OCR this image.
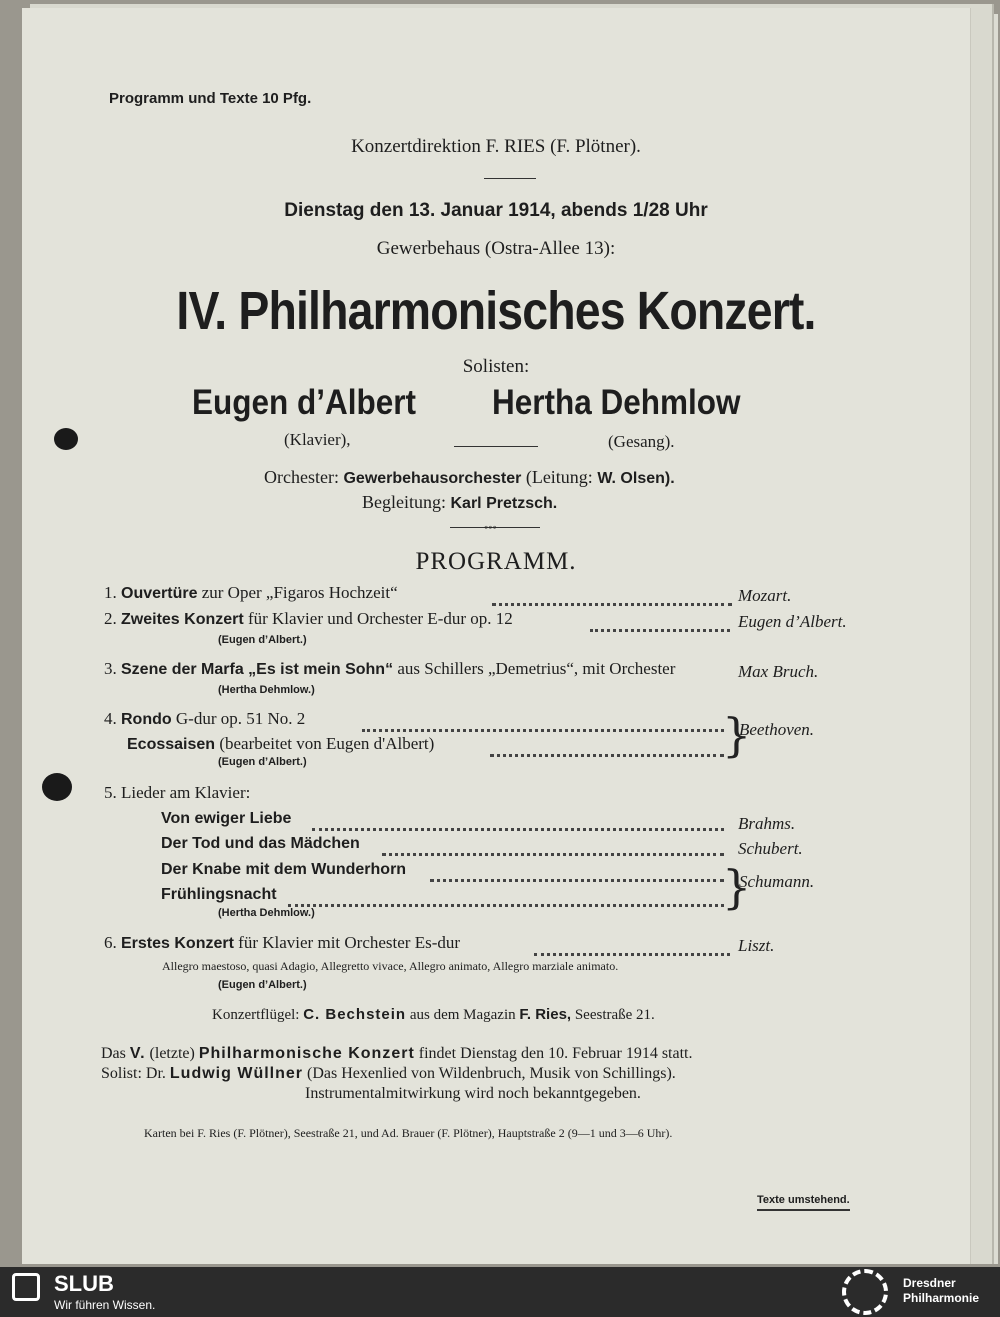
Programm und Texte 10 Pfg.
Konzertdirektion F. RIES (F. Plötner).
Dienstag den 13. Januar 1914, abends 1/28 Uhr
Gewerbehaus (Ostra-Allee 13):
IV. Philharmonisches Konzert.
Solisten:
Eugen d’Albert Hertha Dehmlow
(Klavier),	(Gesang).
Orchester: Gewerbehausorchester (Leitung: W. Olsen).
Begleitung: Karl Pretzsch.
◦◦◦
PROGRAMM.
1. Ouvertüre zur Oper „Figaros Hochzeit“	Mozart.
2. Zweites Konzert für Klavier und Orchester E-dur op. 12	Eugen d’Albert.
(Eugen d’Albert.)
3. Szene der Marfa „Es ist mein Sohn“ aus Schillers „Demetrius“, mit Orchester	Max Bruch.
(Hertha Dehmlow.)
4. Rondo G-dur op. 51 No. 2
Ecossaisen (bearbeitet von Eugen d'Albert)	}
Beethoven.
(Eugen d’Albert.)
5. Lieder am Klavier:
Von ewiger Liebe	Brahms.
Der Tod und das Mädchen	Schubert.
Der Knabe mit dem Wunderhorn
Frühlingsnacht	}
Schumann.
(Hertha Dehmlow.)
6. Erstes Konzert für Klavier mit Orchester Es-dur	Liszt.
Allegro maestoso, quasi Adagio, Allegretto vivace, Allegro animato, Allegro marziale animato.
(Eugen d’Albert.)
Konzertflügel: C. Bechstein aus dem Magazin F. Ries, Seestraße 21.
Das V. (letzte) Philharmonische Konzert findet Dienstag den 10. Februar 1914 statt.
Solist: Dr. Ludwig Wüllner (Das Hexenlied von Wildenbruch, Musik von Schillings).
Instrumentalmitwirkung wird noch bekanntgegeben.
Karten bei F. Ries (F. Plötner), Seestraße 21, und Ad. Brauer (F. Plötner), Hauptstraße 2 (9—1 und 3—6 Uhr).
Texte umstehend.
SLUB
Wir führen Wissen.
Dresdner
Philharmonie
